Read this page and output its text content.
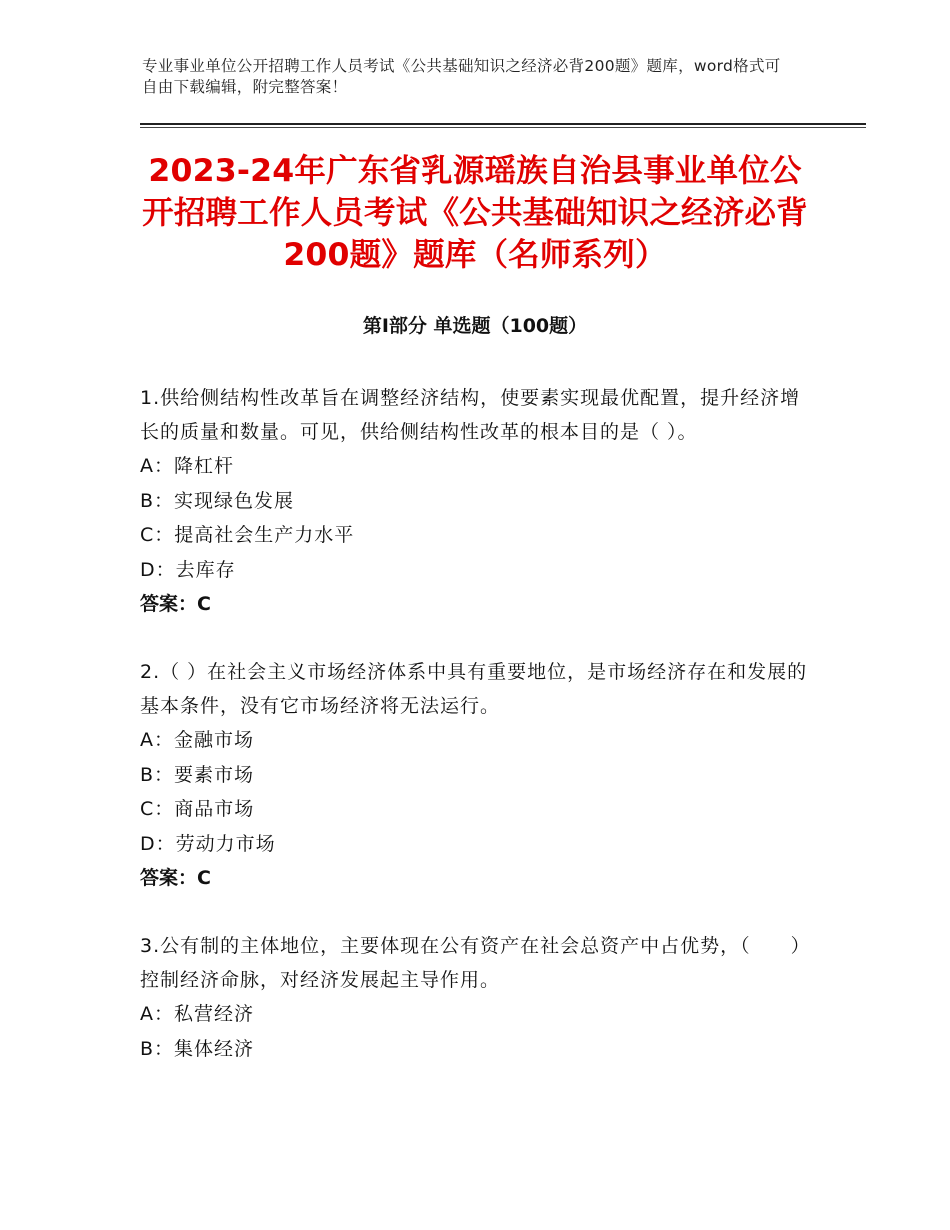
专业事业单位公开招聘工作人员考试《公共基础知识之经济必背200题》题库，word格式可自由下载编辑，附完整答案！
2023-24年广东省乳源瑶族自治县事业单位公开招聘工作人员考试《公共基础知识之经济必背200题》题库（名师系列）
第Ⅰ部分 单选题（100题）
1.供给侧结构性改革旨在调整经济结构，使要素实现最优配置，提升经济增长的质量和数量。可见，供给侧结构性改革的根本目的是（ ）。
A：降杠杆
B：实现绿色发展
C：提高社会生产力水平
D：去库存
答案：C
2.（ ）在社会主义市场经济体系中具有重要地位，是市场经济存在和发展的基本条件，没有它市场经济将无法运行。
A：金融市场
B：要素市场
C：商品市场
D：劳动力市场
答案：C
3.公有制的主体地位，主要体现在公有资产在社会总资产中占优势，（　　）控制经济命脉，对经济发展起主导作用。
A：私营经济
B：集体经济
